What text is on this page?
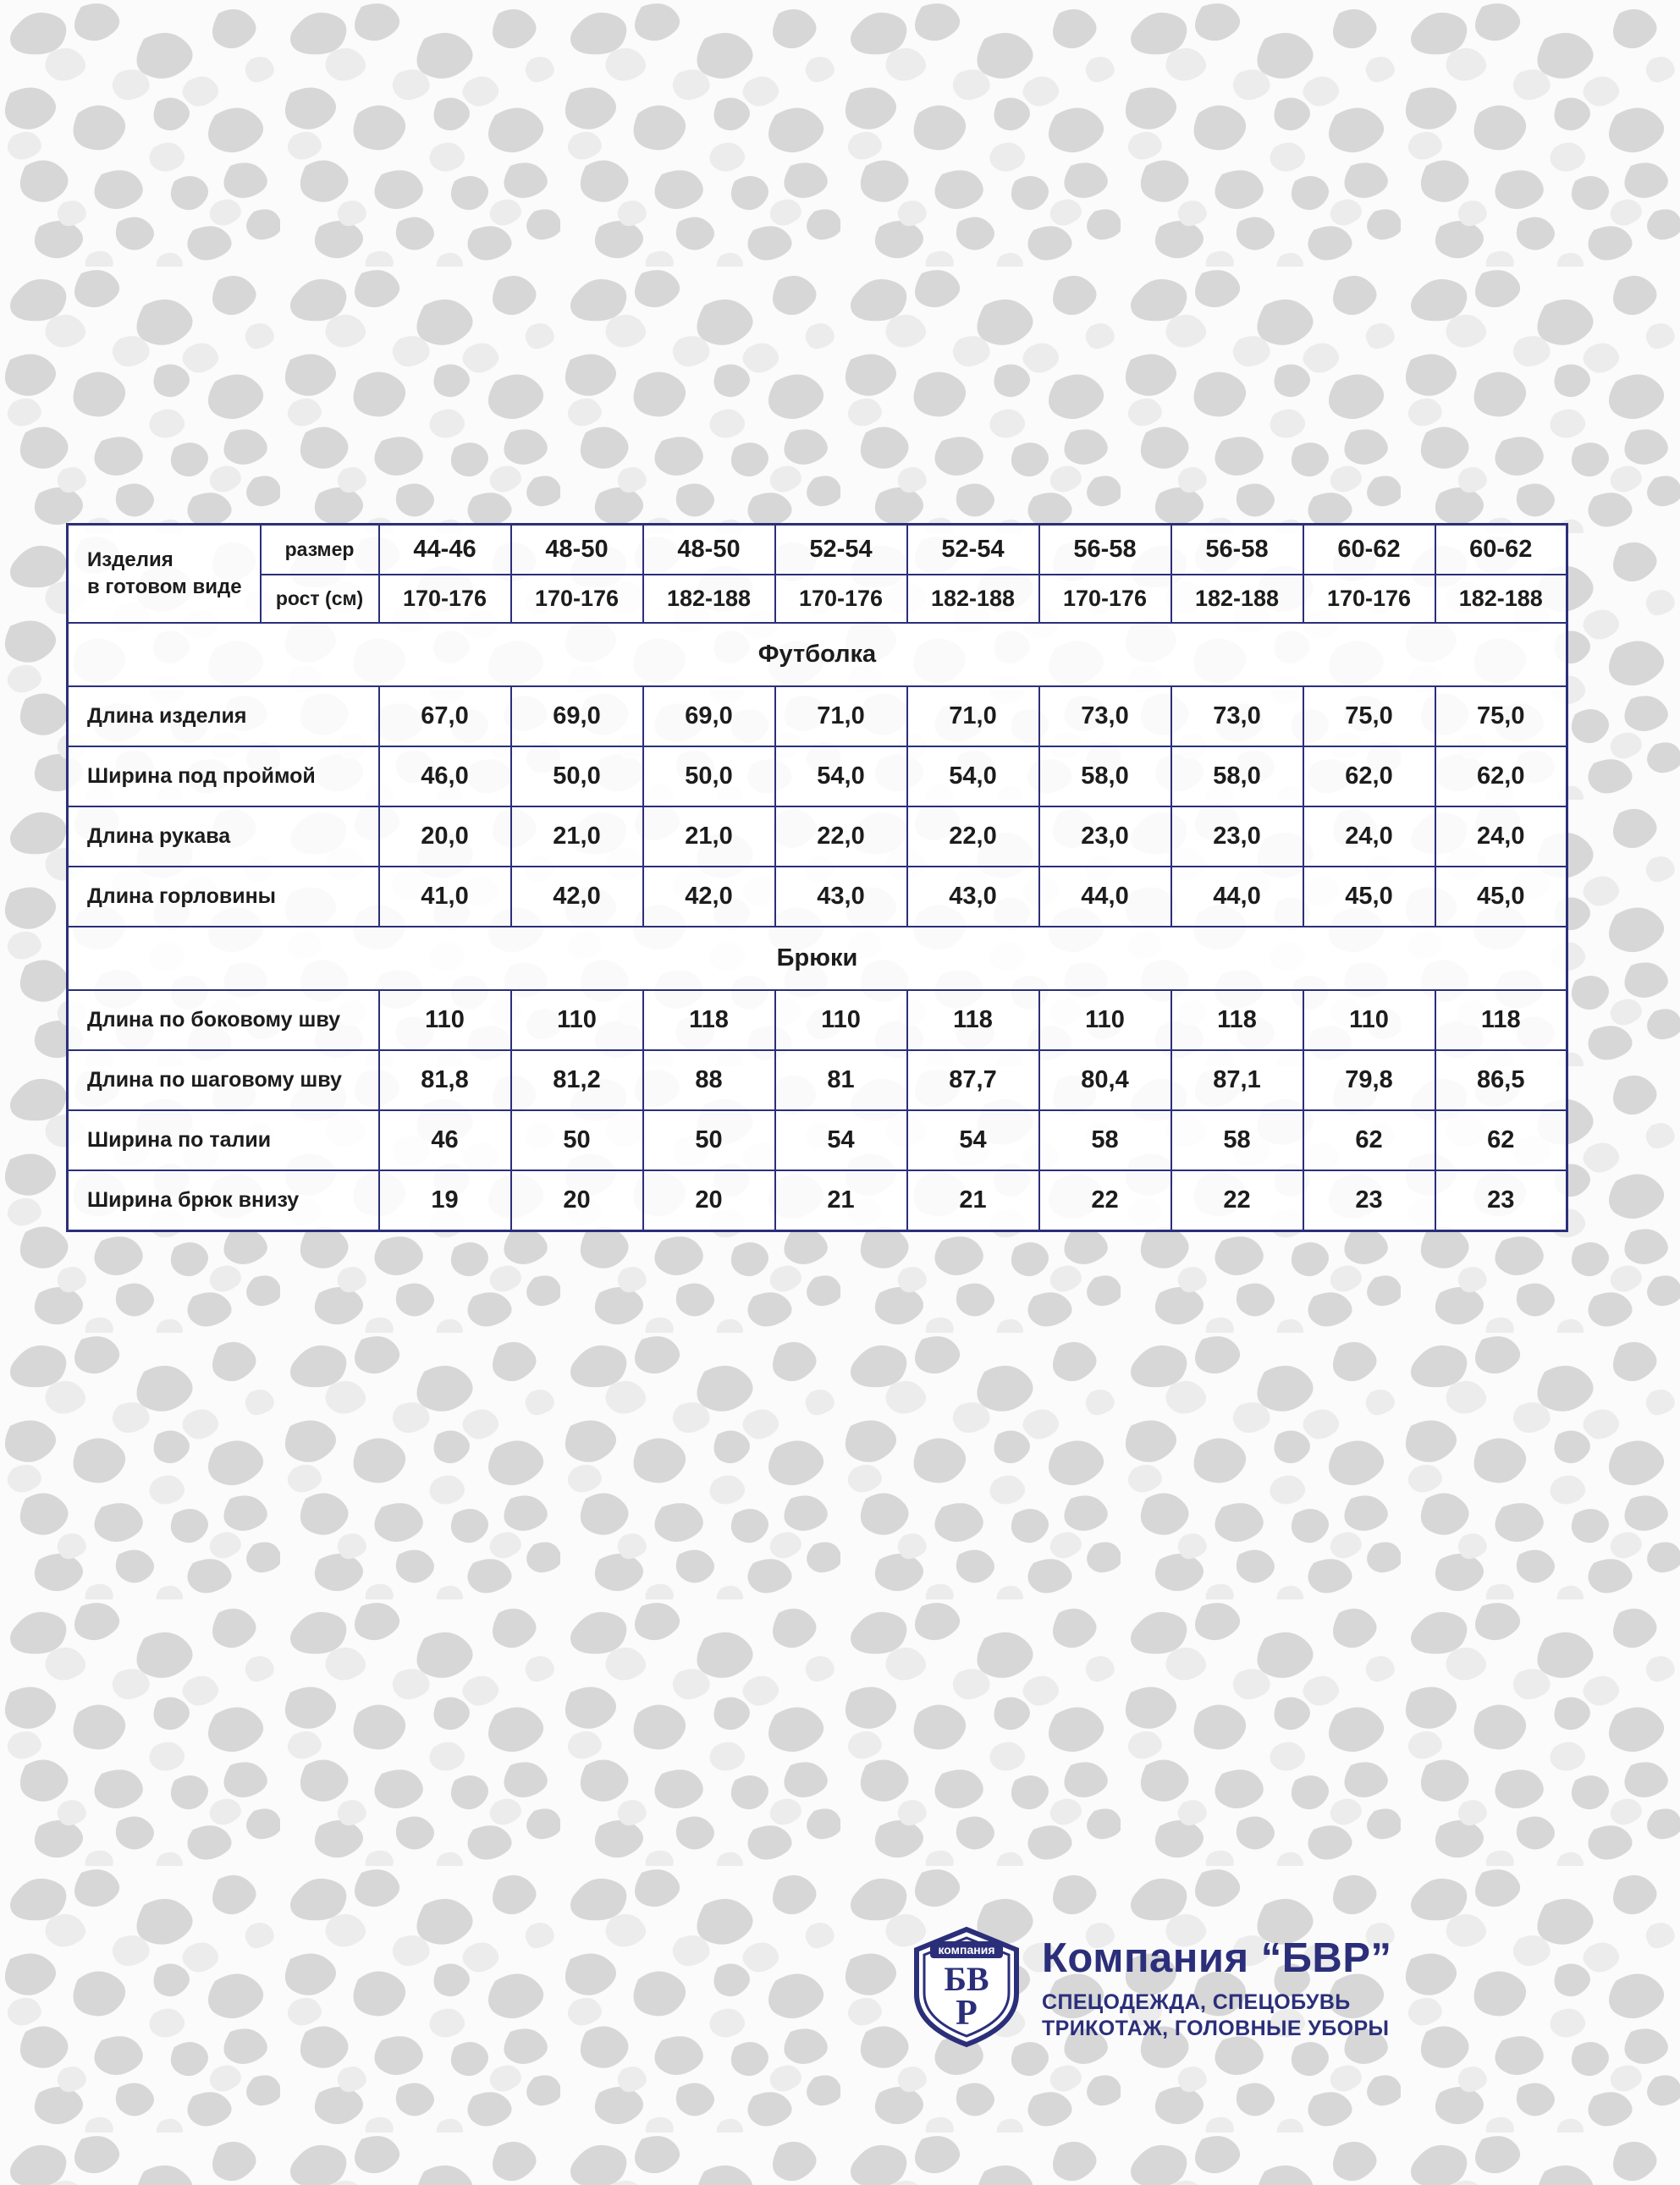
Изделия
в готовом виде	размер	44-46	48-50	48-50	52-54	52-54	56-58	56-58	60-62	60-62
	рост (см)	170-176	170-176	182-188	170-176	182-188	170-176	182-188	170-176	182-188
Футболка										
Длина изделия		67,0	69,0	69,0	71,0	71,0	73,0	73,0	75,0	75,0
Ширина под проймой		46,0	50,0	50,0	54,0	54,0	58,0	58,0	62,0	62,0
Длина рукава		20,0	21,0	21,0	22,0	22,0	23,0	23,0	24,0	24,0
Длина горловины		41,0	42,0	42,0	43,0	43,0	44,0	44,0	45,0	45,0
Брюки										
Длина по боковому шву		110	110	118	110	118	110	118	110	118
Длина по шаговому шву		81,8	81,2	88	81	87,7	80,4	87,1	79,8	86,5
Ширина по талии		46	50	50	54	54	58	58	62	62
Ширина брюк внизу		19	20	20	21	21	22	22	23	23
компания
БВ
Р
Компания “БВР”
СПЕЦОДЕЖДА, СПЕЦОБУВЬ
ТРИКОТАЖ, ГОЛОВНЫЕ УБОРЫ
